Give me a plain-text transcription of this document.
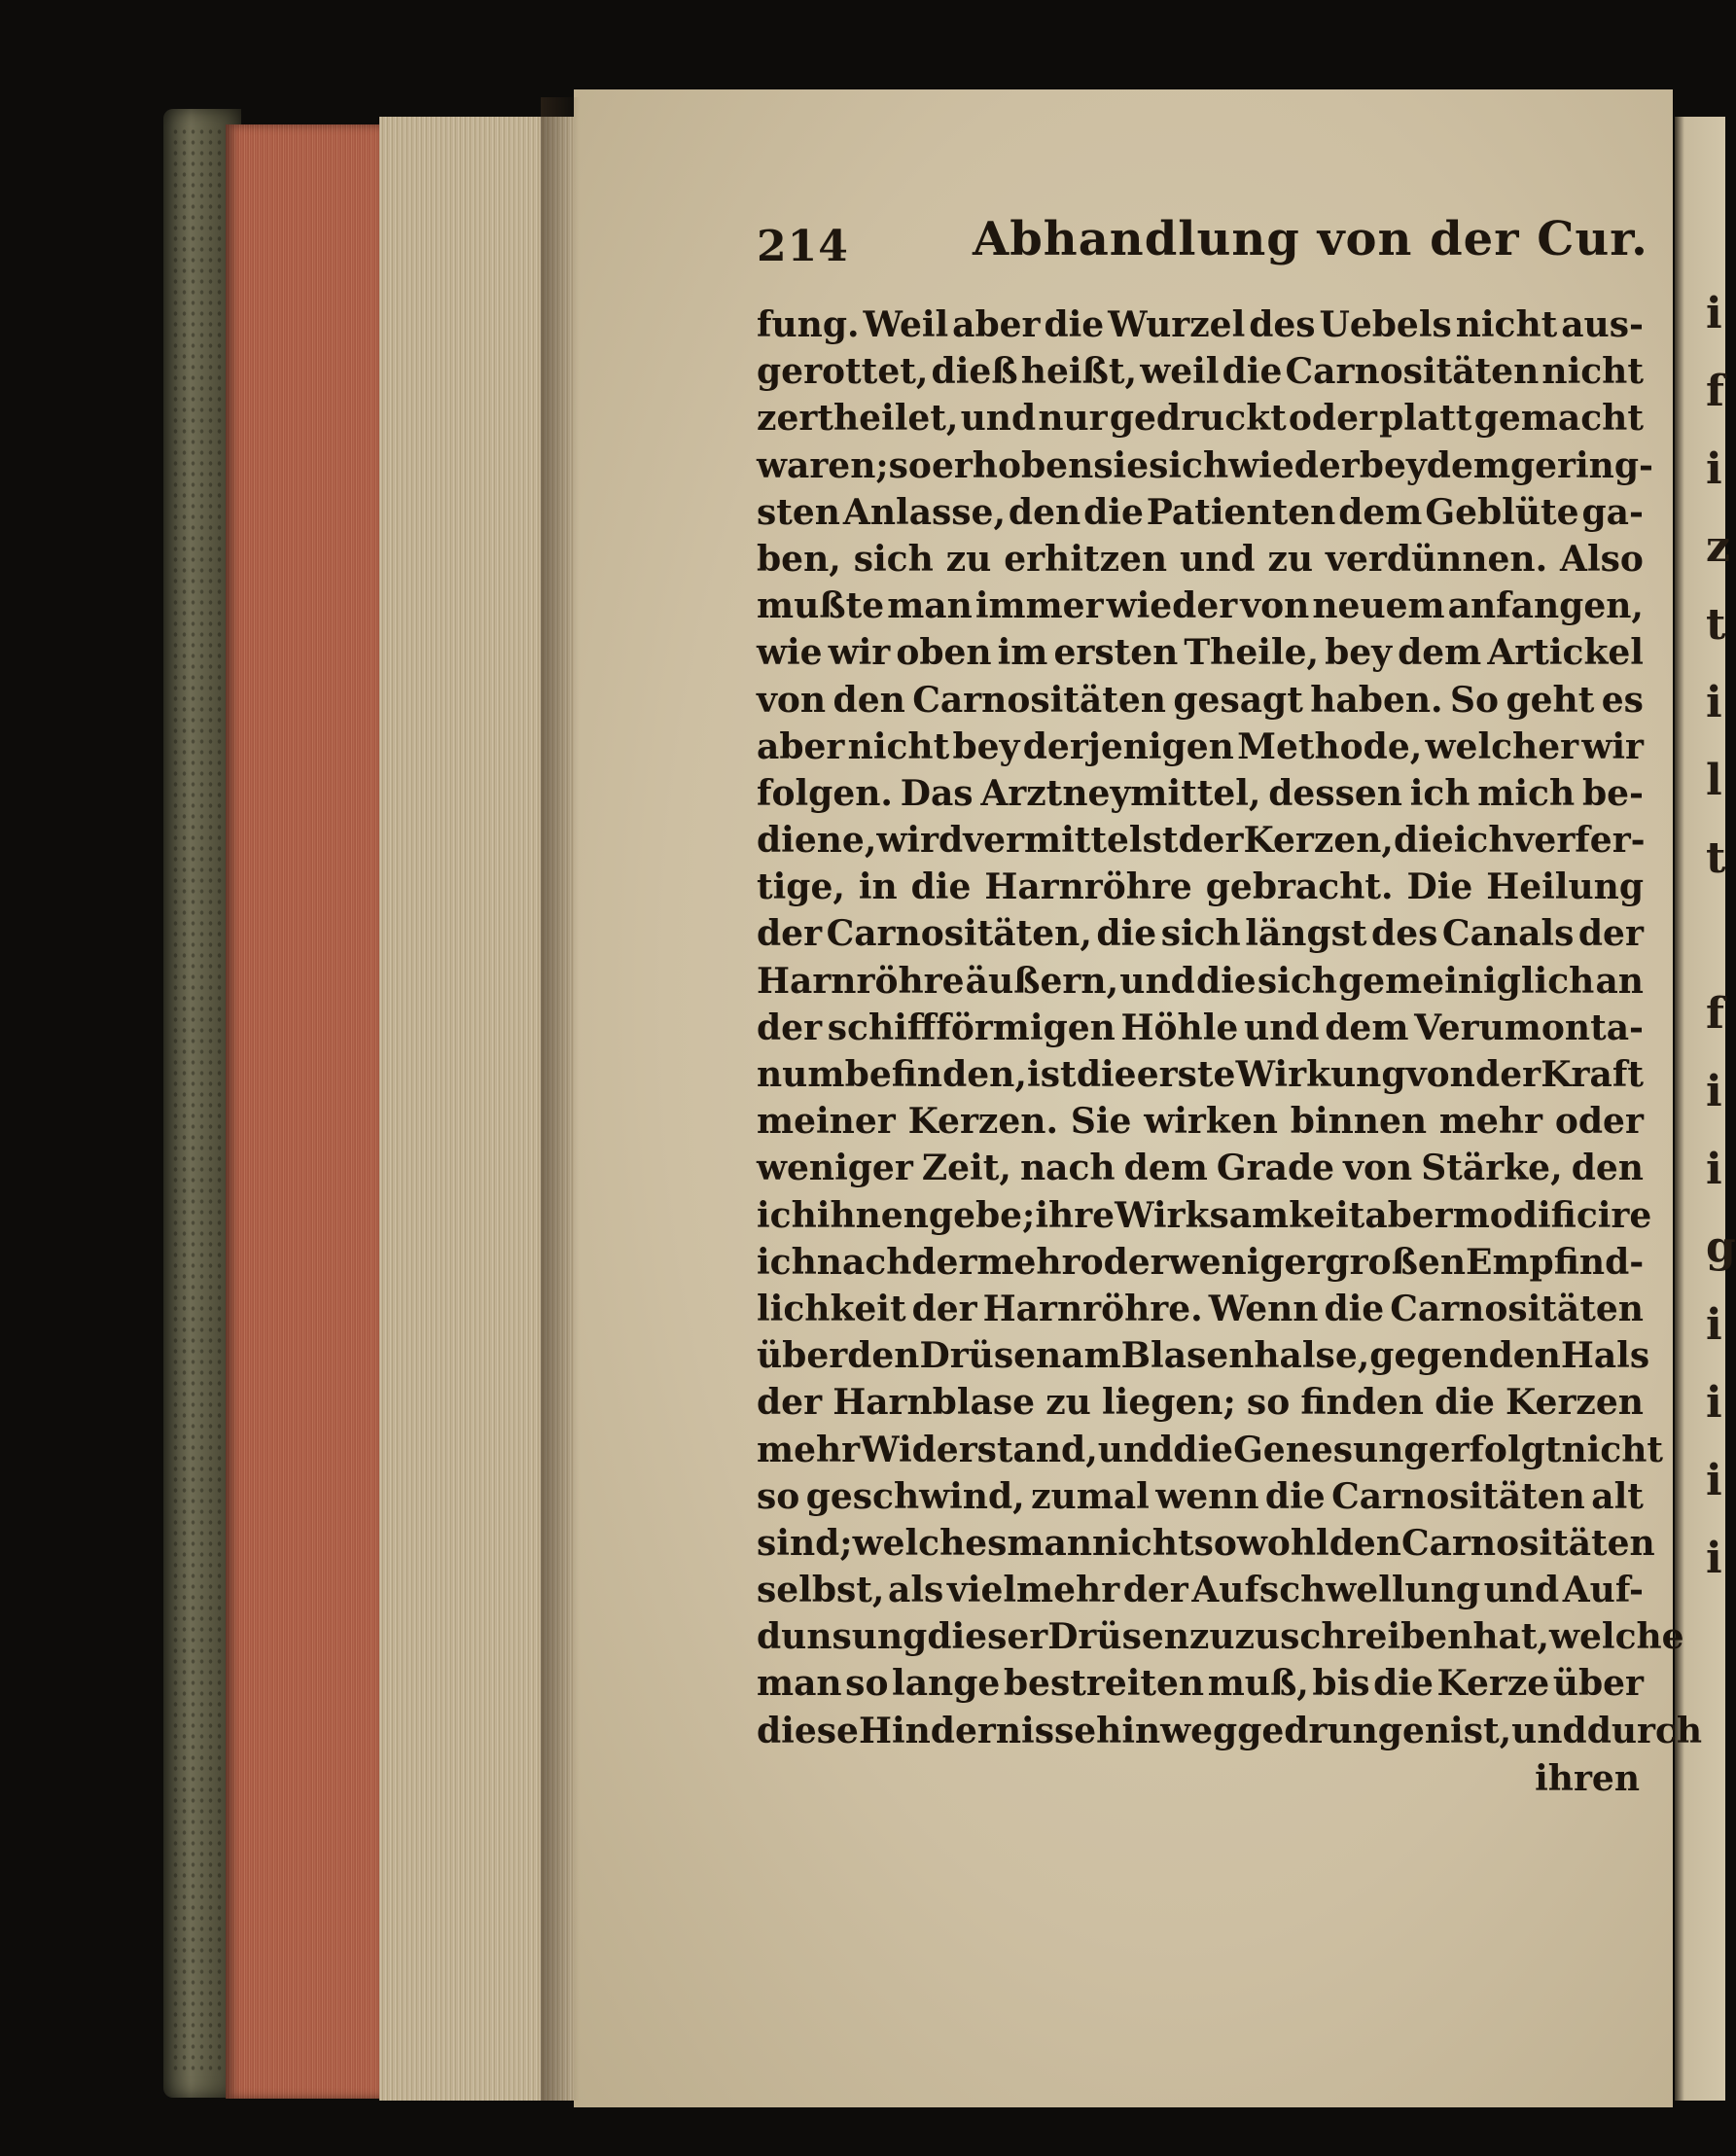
i
f
i
z
t
i
l
t
f
i
i
g
i
i
i
i
214	Abhandlung von der Cur.
fung. Weil aber die Wurzel des Uebels nicht aus-
gerottet, dieß heißt, weil die Carnositäten nicht
zertheilet, und nur gedruckt oder platt gemacht
waren; so erhoben sie sich wieder bey dem gering-
sten Anlasse, den die Patienten dem Geblüte ga-
ben, sich zu erhitzen und zu verdünnen. Also
mußte man immer wieder von neuem anfangen,
wie wir oben im ersten Theile, bey dem Artickel
von den Carnositäten gesagt haben. So geht es
aber nicht bey derjenigen Methode, welcher wir
folgen. Das Arztneymittel, dessen ich mich be-
diene, wird vermittelst der Kerzen, die ich verfer-
tige, in die Harnröhre gebracht. Die Heilung
der Carnositäten, die sich längst des Canals der
Harnröhre äußern, und die sich gemeiniglich an
der schiffförmigen Höhle und dem Verumonta-
num befinden, ist die erste Wirkung von der Kraft
meiner Kerzen. Sie wirken binnen mehr oder
weniger Zeit, nach dem Grade von Stärke, den
ich ihnen gebe; ihre Wirksamkeit aber modificire
ich nach der mehr oder weniger großen Empfind-
lichkeit der Harnröhre. Wenn die Carnositäten
über den Drüsen am Blasenhalse, gegen den Hals
der Harnblase zu liegen; so finden die Kerzen
mehr Widerstand, und die Genesung erfolgt nicht
so geschwind, zumal wenn die Carnositäten alt
sind; welches man nicht sowohl den Carnositäten
selbst, als vielmehr der Aufschwellung und Auf-
dunsung dieser Drüsen zuzuschreiben hat, welche
man so lange bestreiten muß, bis die Kerze über
diese Hindernisse hinweg gedrungen ist, und durch
ihren
